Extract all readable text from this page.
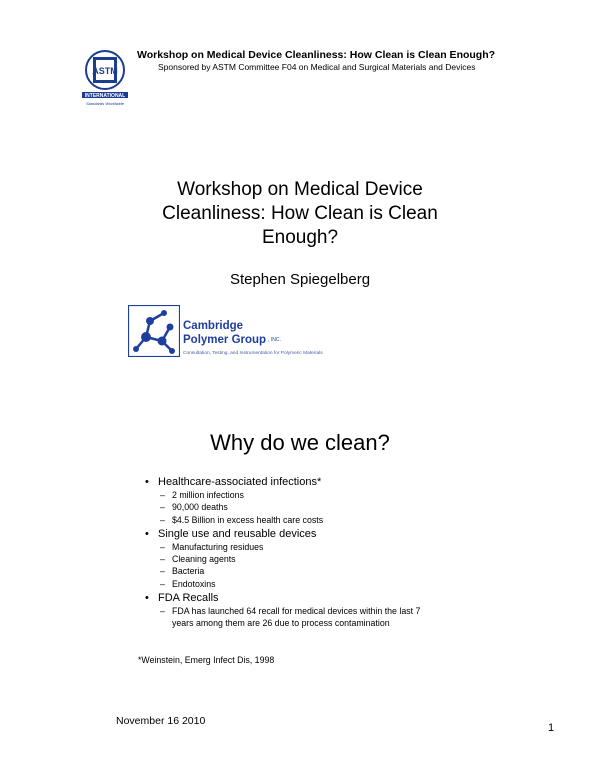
ASTM
INTERNATIONAL
Standards Worldwide
Workshop on Medical Device Cleanliness: How Clean is Clean Enough?
Sponsored by ASTM Committee F04 on Medical and Surgical Materials and Devices
Workshop on Medical Device
Cleanliness: How Clean is Clean
Enough?
Stephen Spiegelberg
Cambridge
Polymer Group , INC.
Consultation, Testing, and Instrumentation for Polymeric Materials
Why do we clean?
• Healthcare-associated infections*
– 2 million infections
– 90,000 deaths
– $4.5 Billion in excess health care costs
• Single use and reusable devices
– Manufacturing residues
– Cleaning agents
– Bacteria
– Endotoxins
• FDA Recalls
– FDA has launched 64 recall for medical devices within the last 7
years among them are 26 due to process contamination
*Weinstein, Emerg Infect Dis, 1998
November 16 2010
1
